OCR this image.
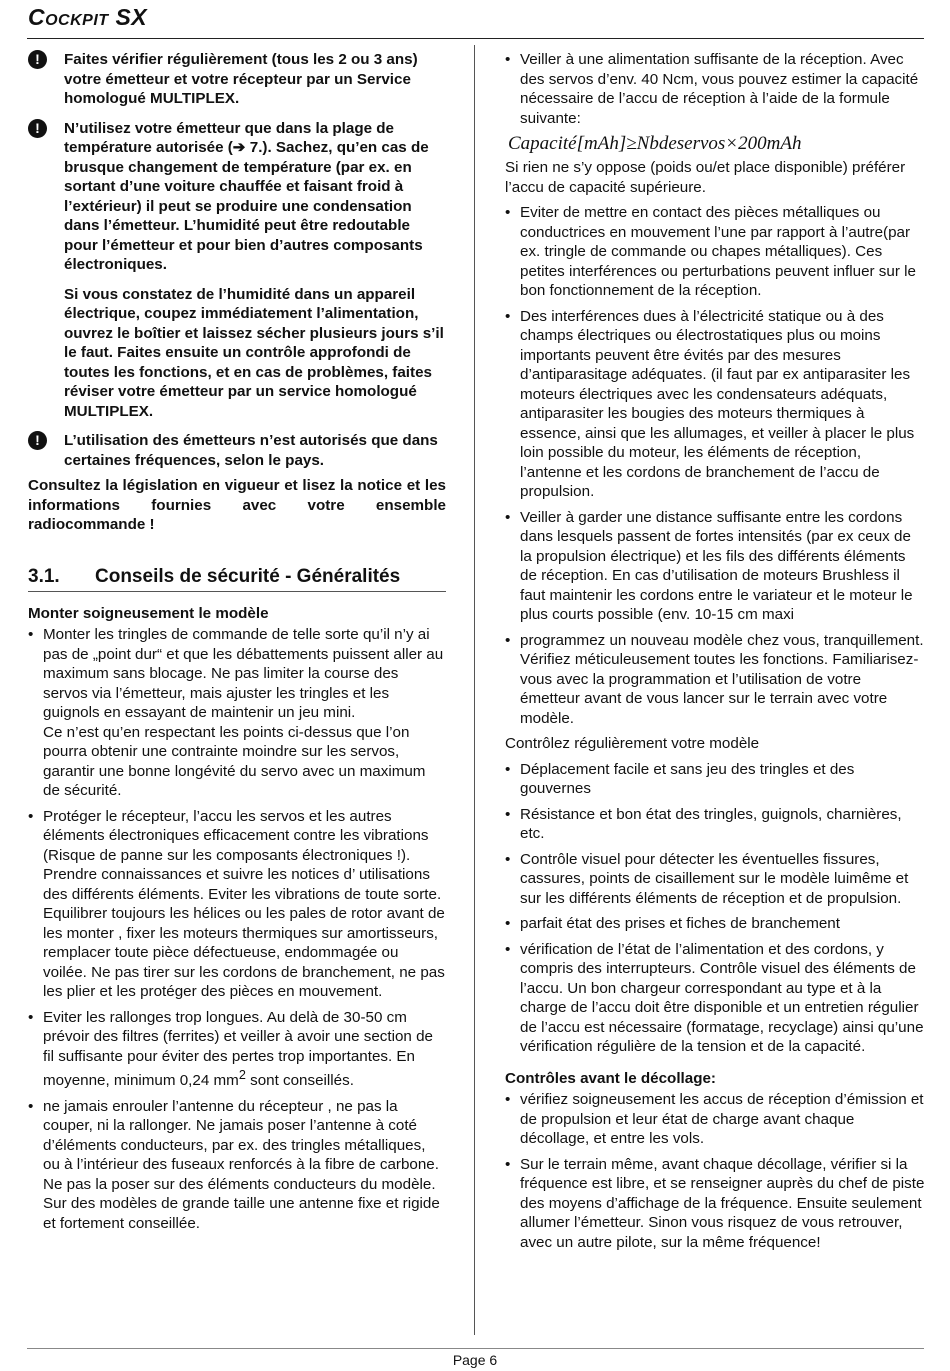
Cockpit SX
!	Faites vérifier régulièrement (tous les 2 ou 3 ans) votre émetteur et votre récepteur par un Service homologué MULTIPLEX.

!	N’utilisez votre émetteur que dans la plage de température autorisée (➔ 7.). Sachez, qu’en cas de brusque changement de température (par ex. en sortant d’une voiture chauffée et faisant froid à l’extérieur) il peut se produire une condensation dans l’émetteur. L’humidité peut être redoutable pour l’émetteur et pour bien d’autres composants électroniques.

Si vous constatez de l’humidité dans un appareil électrique, coupez immédiatement l’alimentation, ouvrez le boîtier et laissez sécher plusieurs jours s’il le faut. Faites ensuite un contrôle approfondi de toutes les fonctions, et en cas de problèmes, faites réviser votre émetteur par un service homologué MULTIPLEX.

!	L’utilisation des émetteurs n’est autorisés que dans certaines fréquences, selon le pays.

Consultez la législation en vigueur et lisez la notice et les informations fournies avec votre ensemble radiocommande !

3.1.	Conseils de sécurité - Généralités

Monter soigneusement le modèle

• Monter les tringles de commande de telle sorte qu’il n’y ai pas de „point dur“ et que les débattements puissent aller au maximum sans blocage. Ne pas limiter la course des servos via l’émetteur, mais ajuster les tringles et les guignols en essayant de maintenir un jeu mini.

Ce n’est qu’en respectant les points ci-dessus que l’on pourra obtenir une contrainte moindre sur les servos, garantir une bonne longévité du servo avec un maximum de sécurité.

• Protéger le récepteur, l’accu les servos et les autres éléments électroniques efficacement contre les vibrations (Risque de panne sur les composants électroniques !). Prendre connaissances et suivre les notices d’ utilisations des différents éléments. Eviter les vibrations de toute sorte. Equilibrer toujours les hélices ou les pales de rotor avant de les monter , fixer les moteurs thermiques sur amortisseurs, remplacer toute pièce défectueuse, endommagée ou voilée. Ne pas tirer sur les cordons de branchement, ne pas les plier et les protéger des pièces en mouvement.

• Eviter les rallonges trop longues. Au delà de 30-50 cm prévoir des filtres (ferrites) et veiller à avoir une section de fil suffisante pour éviter des pertes trop importantes. En moyenne, minimum 0,24 $mm^2$ sont conseillés.

• ne jamais enrouler l’antenne du récepteur , ne pas la couper, ni la rallonger. Ne jamais poser l’antenne à coté d’éléments conducteurs, par ex. des tringles métalliques, ou à l’intérieur des fuseaux renforcés à la fibre de carbone. Ne pas la poser sur des éléments conducteurs du modèle. Sur des modèles de grande taille une antenne fixe et rigide et fortement conseillée.

• Veiller à une alimentation suffisante de la réception. Avec des servos d’env. 40 Ncm, vous pouvez estimer la capacité nécessaire de l’accu de réception à l’aide de la formule suivante:

Capacité[mAh]≥Nbdeservos×200mAh

Si rien ne s’y oppose (poids ou/et place disponible) préférer l’accu de capacité supérieure.

• Eviter de mettre en contact des pièces métalliques ou conductrices en mouvement l’une par rapport à l’autre(par ex. tringle de commande ou chapes métalliques). Ces petites interférences ou perturbations peuvent influer sur le bon fonctionnement de la réception.

• Des interférences dues à l’électricité statique ou à des champs électriques ou électrostatiques plus ou moins importants peuvent être évités par des mesures d’antiparasitage adéquates. (il faut par ex antiparasiter les moteurs électriques avec les condensateurs adéquats, antiparasiter les bougies des moteurs thermiques à essence, ainsi que les allumages, et veiller à placer le plus loin possible du moteur, les éléments de réception, l’antenne et les cordons de branchement de l’accu de propulsion.

• Veiller à garder une distance suffisante entre les cordons dans lesquels passent de fortes intensités (par ex ceux de la propulsion électrique) et les fils des différents éléments de réception. En cas d’utilisation de moteurs Brushless il faut maintenir les cordons entre le variateur et le moteur le plus courts possible (env. 10-15 cm maxi

• programmez un nouveau modèle chez vous, tranquillement. Vérifiez méticuleusement toutes les fonctions. Familiarisez-vous avec la programmation et l’utilisation de votre émetteur avant de vous lancer sur le terrain avec votre modèle.

Contrôlez régulièrement votre modèle

• Déplacement facile et sans jeu des tringles et des gouvernes

• Résistance et bon état des tringles, guignols, charnières, etc.

• Contrôle visuel pour détecter les éventuelles fissures, cassures, points de cisaillement sur le modèle luimême et sur les différents éléments de réception et de propulsion.

• parfait état des prises et fiches de branchement

• vérification de l’état de l’alimentation et des cordons, y compris des interrupteurs. Contrôle visuel des éléments de l’accu. Un bon chargeur correspondant au type et à la charge de l’accu doit être disponible et un entretien régulier de l’accu est nécessaire (formatage, recyclage) ainsi qu’une vérification régulière de la tension et de la capacité.

Contrôles avant le décollage:

• vérifiez soigneusement les accus de réception d’émission et de propulsion et leur état de charge avant chaque décollage, et entre les vols.

• Sur le terrain même, avant chaque décollage, vérifier si la fréquence est libre, et se renseigner auprès du chef de piste des moyens d’affichage de la fréquence. Ensuite seulement allumer l’émetteur. Sinon vous risquez de vous retrouver, avec un autre pilote, sur la même fréquence!

Page 6
